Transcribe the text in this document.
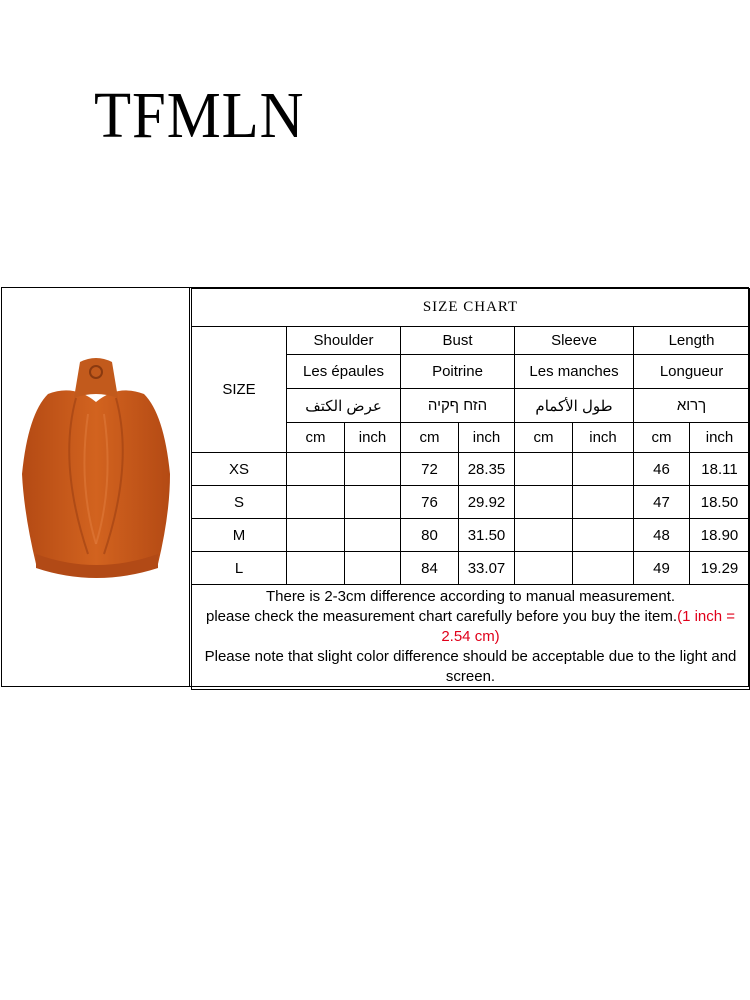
TFMLN
SIZE CHART								
SIZE	Shoulder		Bust		Sleeve		Length	
	Les épaules		Poitrine		Les manches		Longueur	
	عرض الكتف		הזח ףקיה		طول الأكمام		ךרוא	
	cm	inch	cm	inch	cm	inch	cm	inch
XS			72	28.35			46	18.11
S			76	29.92			47	18.50
M			80	31.50			48	18.90
L			84	33.07			49	19.29

There is 2-3cm difference according to manual measurement.
please check the measurement chart carefully before you buy the item.(1 inch = 2.54 cm)
Please note that slight color difference should be acceptable due to the light and screen.								
